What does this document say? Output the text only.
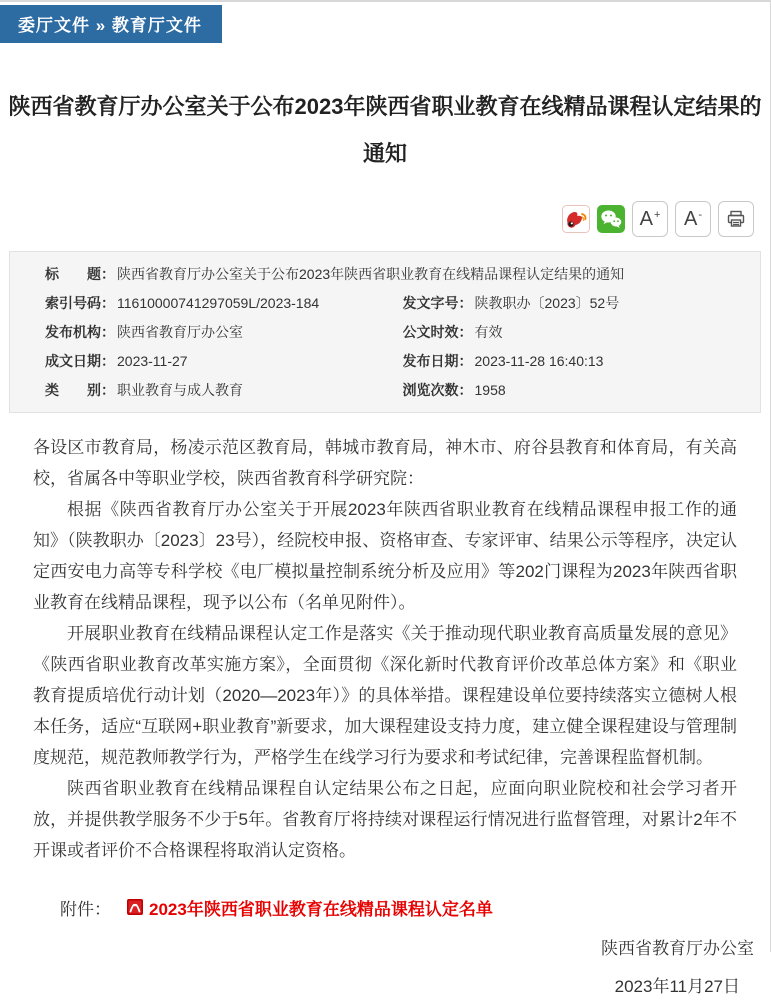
委厅文件 » 教育厅文件
陕西省教育厅办公室关于公布2023年陕西省职业教育在线精品课程认定结果的通知
A+ A-
标　　题： 陕西省教育厅办公室关于公布2023年陕西省职业教育在线精品课程认定结果的通知
索引号码： 11610000741297059L/2023-184	发文字号： 陕教职办〔2023〕52号
发布机构： 陕西省教育厅办公室	公文时效： 有效
成文日期： 2023-11-27	发布日期： 2023-11-28 16:40:13
类　　别： 职业教育与成人教育	浏览次数： 1958

各设区市教育局，杨凌示范区教育局，韩城市教育局，神木市、府谷县教育和体育局，有关高校，省属各中等职业学校，陕西省教育科学研究院：

根据《陕西省教育厅办公室关于开展2023年陕西省职业教育在线精品课程申报工作的通知》（陕教职办〔2023〕23号），经院校申报、资格审查、专家评审、结果公示等程序，决定认定西安电力高等专科学校《电厂模拟量控制系统分析及应用》等202门课程为2023年陕西省职业教育在线精品课程，现予以公布（名单见附件）。

开展职业教育在线精品课程认定工作是落实《关于推动现代职业教育高质量发展的意见》《陕西省职业教育改革实施方案》，全面贯彻《深化新时代教育评价改革总体方案》和《职业教育提质培优行动计划（2020—2023年）》的具体举措。课程建设单位要持续落实立德树人根本任务，适应“互联网+职业教育”新要求，加大课程建设支持力度，建立健全课程建设与管理制度规范，规范教师教学行为，严格学生在线学习行为要求和考试纪律，完善课程监督机制。

陕西省职业教育在线精品课程自认定结果公布之日起，应面向职业院校和社会学习者开放，并提供教学服务不少于5年。省教育厅将持续对课程运行情况进行监督管理，对累计2年不开课或者评价不合格课程将取消认定资格。

附件： 2023年陕西省职业教育在线精品课程认定名单
陕西省教育厅办公室
2023年11月27日
